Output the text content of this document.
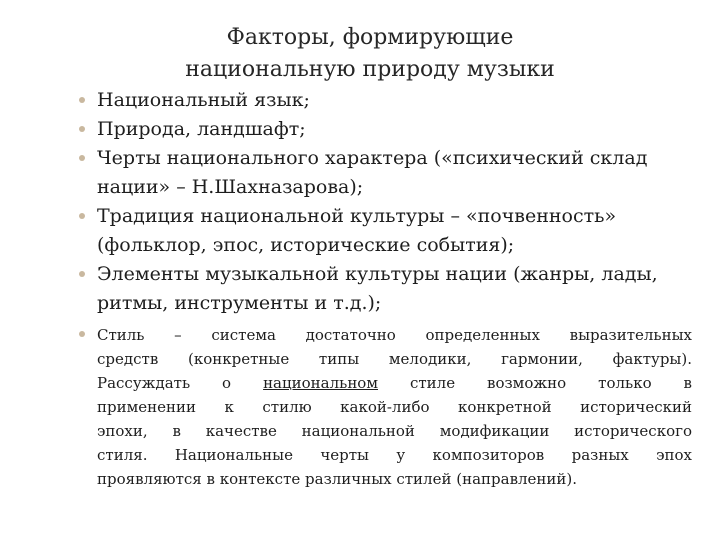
Факторы, формирующие
национальную природу музыки
Национальный язык;
Природа, ландшафт;
Черты национального характера («психический склад
нации» – Н.Шахназарова);
Традиция национальной культуры – «почвенность»
(фольклор, эпос, исторические события);
Элементы музыкальной культуры нации (жанры, лады,
ритмы, инструменты и т.д.);
Стиль – система достаточно определенных выразительных
средств (конкретные типы мелодики, гармонии, фактуры).
Рассуждать о национальном стиле возможно только в
применении к стилю какой-либо конкретной исторический
эпохи, в качестве национальной модификации исторического
стиля. Национальные черты у композиторов разных эпох
проявляются в контексте различных стилей (направлений).
